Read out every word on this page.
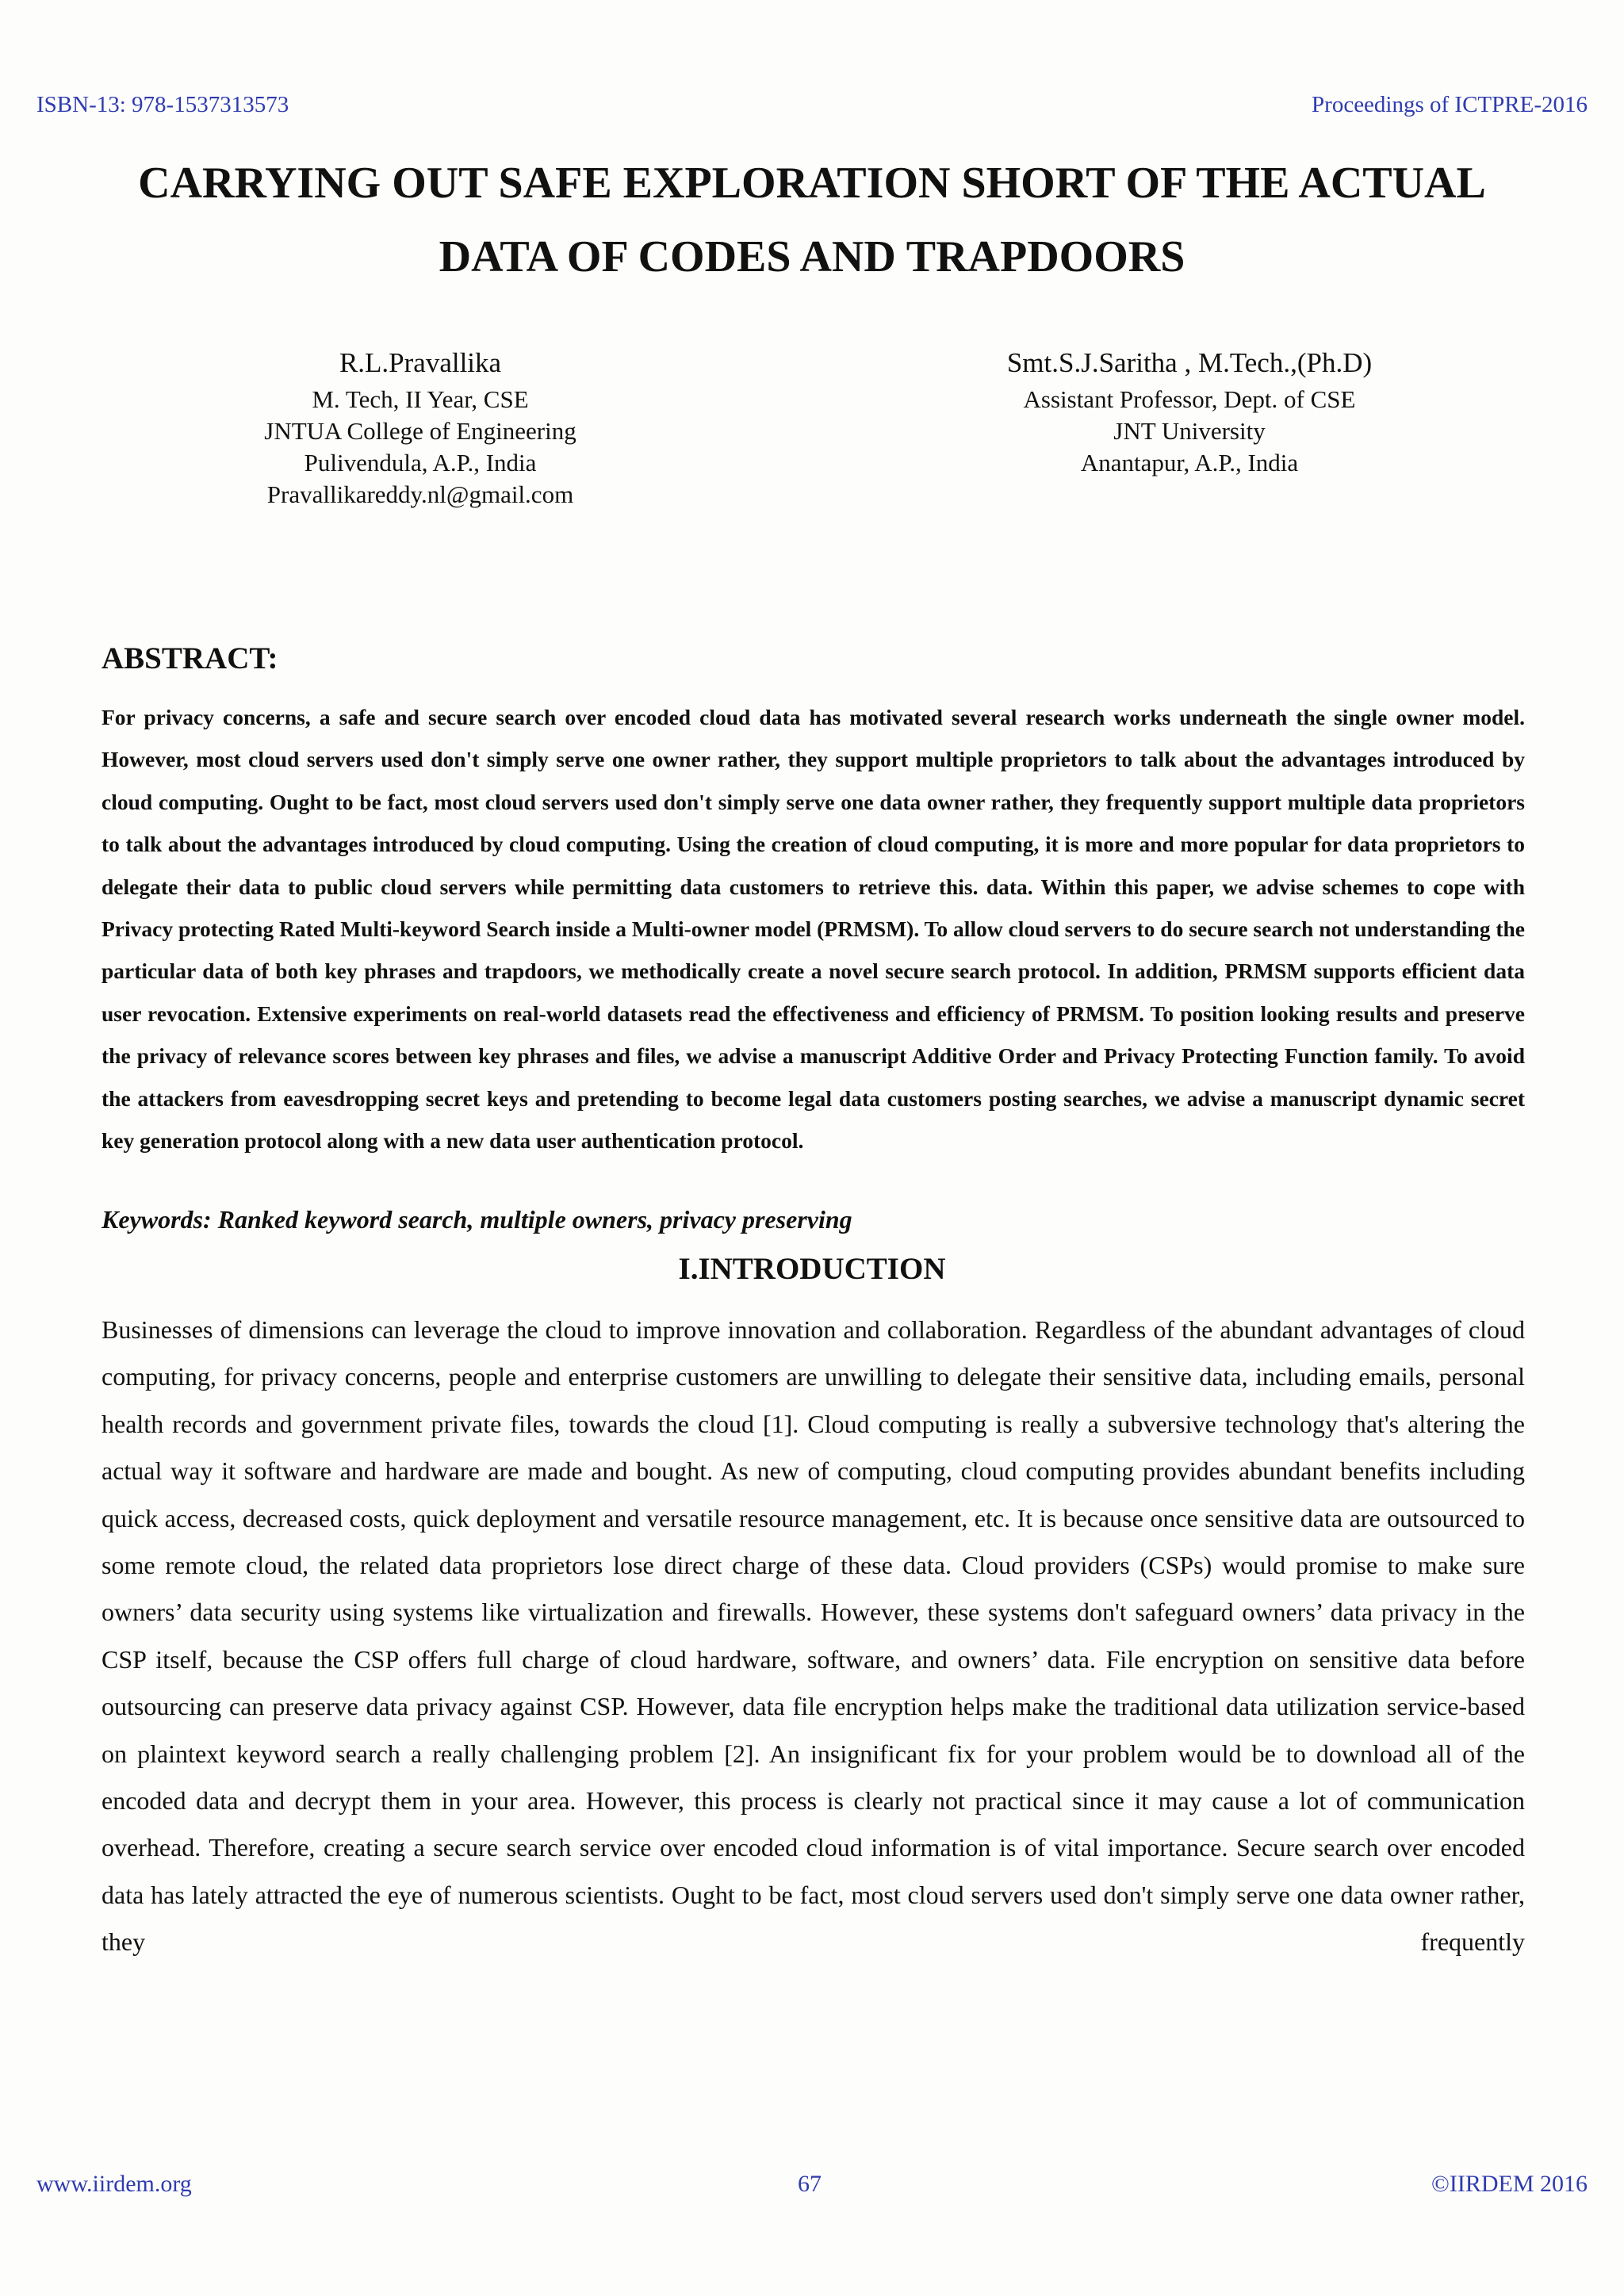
ISBN-13: 978-1537313573	Proceedings of ICTPRE-2016
CARRYING OUT SAFE EXPLORATION SHORT OF THE ACTUAL
DATA OF CODES AND TRAPDOORS
R.L.Pravallika
M. Tech, II Year, CSE
JNTUA College of Engineering
Pulivendula, A.P., India
Pravallikareddy.nl@gmail.com
Smt.S.J.Saritha , M.Tech.,(Ph.D)
Assistant Professor, Dept. of CSE
JNT University
Anantapur, A.P., India
ABSTRACT:
For privacy concerns, a safe and secure search over encoded cloud data has motivated several research works underneath the single owner model. However, most cloud servers used don't simply serve one owner rather, they support multiple proprietors to talk about the advantages introduced by cloud computing. Ought to be fact, most cloud servers used don't simply serve one data owner rather, they frequently support multiple data proprietors to talk about the advantages introduced by cloud computing. Using the creation of cloud computing, it is more and more popular for data proprietors to delegate their data to public cloud servers while permitting data customers to retrieve this. data. Within this paper, we advise schemes to cope with Privacy protecting Rated Multi-keyword Search inside a Multi-owner model (PRMSM). To allow cloud servers to do secure search not understanding the particular data of both key phrases and trapdoors, we methodically create a novel secure search protocol. In addition, PRMSM supports efficient data user revocation. Extensive experiments on real-world datasets read the effectiveness and efficiency of PRMSM. To position looking results and preserve the privacy of relevance scores between key phrases and files, we advise a manuscript Additive Order and Privacy Protecting Function family. To avoid the attackers from eavesdropping secret keys and pretending to become legal data customers posting searches, we advise a manuscript dynamic secret key generation protocol along with a new data user authentication protocol.
Keywords: Ranked keyword search, multiple owners, privacy preserving
I.INTRODUCTION
Businesses of dimensions can leverage the cloud to improve innovation and collaboration. Regardless of the abundant advantages of cloud computing, for privacy concerns, people and enterprise customers are unwilling to delegate their sensitive data, including emails, personal health records and government private files, towards the cloud [1]. Cloud computing is really a subversive technology that's altering the actual way it software and hardware are made and bought. As new of computing, cloud computing provides abundant benefits including quick access, decreased costs, quick deployment and versatile resource management, etc. It is because once sensitive data are outsourced to some remote cloud, the related data proprietors lose direct charge of these data. Cloud providers (CSPs) would promise to make sure owners’ data security using systems like virtualization and firewalls. However, these systems don't safeguard owners’ data privacy in the CSP itself, because the CSP offers full charge of cloud hardware, software, and owners’ data. File encryption on sensitive data before outsourcing can preserve data privacy against CSP. However, data file encryption helps make the traditional data utilization service-based on plaintext keyword search a really challenging problem [2]. An insignificant fix for your problem would be to download all of the encoded data and decrypt them in your area. However, this process is clearly not practical since it may cause a lot of communication overhead. Therefore, creating a secure search service over encoded cloud information is of vital importance. Secure search over encoded data has lately attracted the eye of numerous scientists. Ought to be fact, most cloud servers used don't simply serve one data owner rather, they frequently
www.iirdem.org	67	©IIRDEM 2016
